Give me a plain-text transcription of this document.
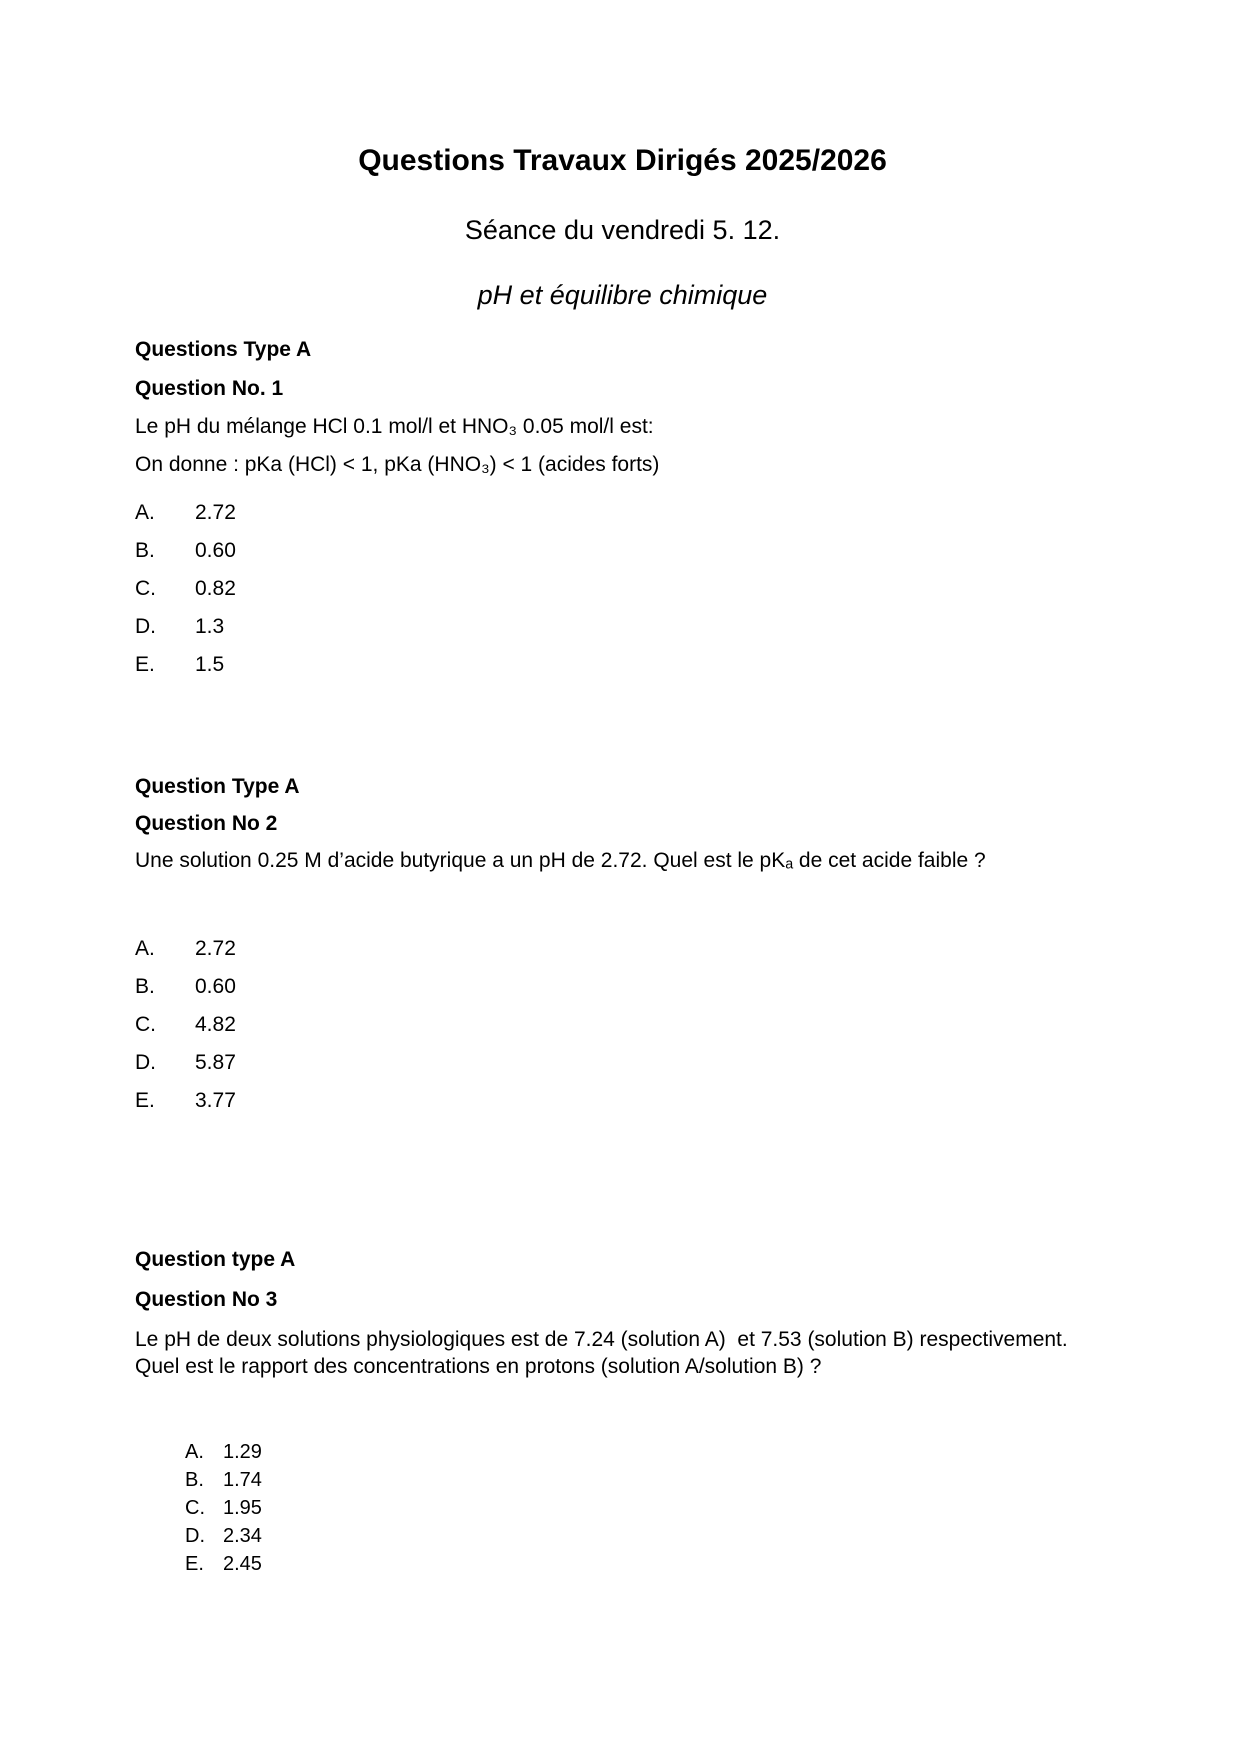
Questions Travaux Dirigés 2025/2026
Séance du vendredi 5. 12.
pH et équilibre chimique
Questions Type A
Question No. 1
Le pH du mélange HCl 0.1 mol/l et HNO₃ 0.05 mol/l est:
On donne : pKa (HCl) < 1, pKa (HNO₃) < 1 (acides forts)
A.	2.72
B.	0.60
C.	0.82
D.	1.3
E.	1.5
Question Type A
Question No 2
Une solution 0.25 M d’acide butyrique a un pH de 2.72. Quel est le pKₐ de cet acide faible ?
A.	2.72
B.	0.60
C.	4.82
D.	5.87
E.	3.77
Question type A
Question No 3
Le pH de deux solutions physiologiques est de 7.24 (solution A)  et 7.53 (solution B) respectivement.
Quel est le rapport des concentrations en protons (solution A/solution B) ?
A. 1.29
B. 1.74
C. 1.95
D. 2.34
E. 2.45
